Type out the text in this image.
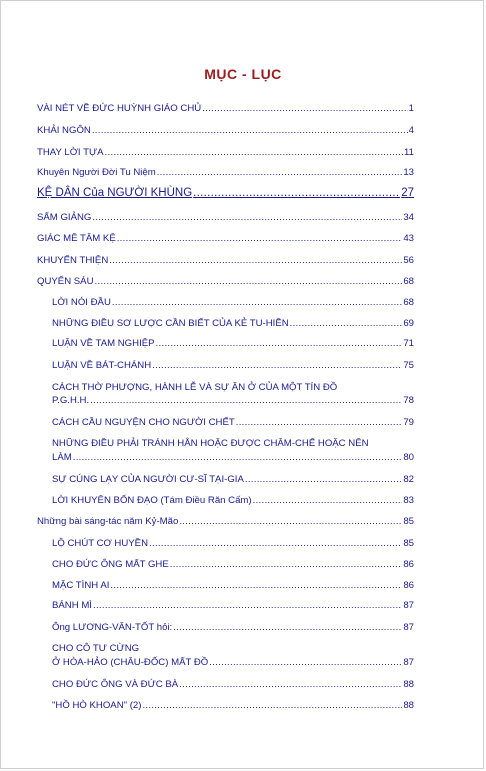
MỤC - LỤC
VÀI NÉT VỀ ĐỨC HUỲNH GIÁO CHỦ .....	1
KHẢI NGÔN .....	4
THAY LỜI TỰA .....	11
Khuyên Người Đời Tu Niệm .....	13
KỆ DÂN Của NGƯỜI KHÙNG .....	27
SẤM GIẢNG .....	34
GIÁC MÊ TÂM KỆ .....	43
KHUYẾN THIỆN .....	56
QUYỂN SÁU .....	68
LỜI NÓI ĐẦU .....	68
NHỮNG ĐIỀU SƠ LƯỢC CẦN BIẾT CỦA KẺ TU-HIỀN .....	69
LUẬN VỀ TAM NGHIỆP .....	71
LUẬN VỀ BÁT-CHÁNH .....	75
CÁCH THỜ PHƯỢNG, HÀNH LỄ VÀ SỰ ĂN Ở CỦA MỘT TÍN ĐỒ
P.G.H.H. .....	78
CÁCH CẦU NGUYỆN CHO NGƯỜI CHẾT .....	79
NHỮNG ĐIỀU PHẢI TRÁNH HẲN HOẶC ĐƯỢC CHÂM-CHẾ HOẶC NÊN
LÀM .....	80
SỰ CÚNG LẠY CỦA NGƯỜI CƯ-SĨ TẠI-GIA .....	82
LỜI KHUYÊN BỔN ĐẠO (Tám Điều Răn Cấm) .....	83
Những bài sáng-tác năm Kỷ-Mão .....	85
LỘ CHÚT CƠ HUYỀN .....	85
CHO ĐỨC ÔNG MẤT GHE .....	86
MẶC TÌNH AI .....	86
BÁNH MÌ .....	87
Ông LƯƠNG-VĂN-TỐT hỏi: .....	87
CHO CÔ TƯ CỪNG
Ở HÒA-HẢO (CHÂU-ĐỐC) MẤT ĐỒ .....	87
CHO ĐỨC ÔNG VÀ ĐỨC BÀ .....	88
"HỒ HÒ KHOAN" (2) .....	88
